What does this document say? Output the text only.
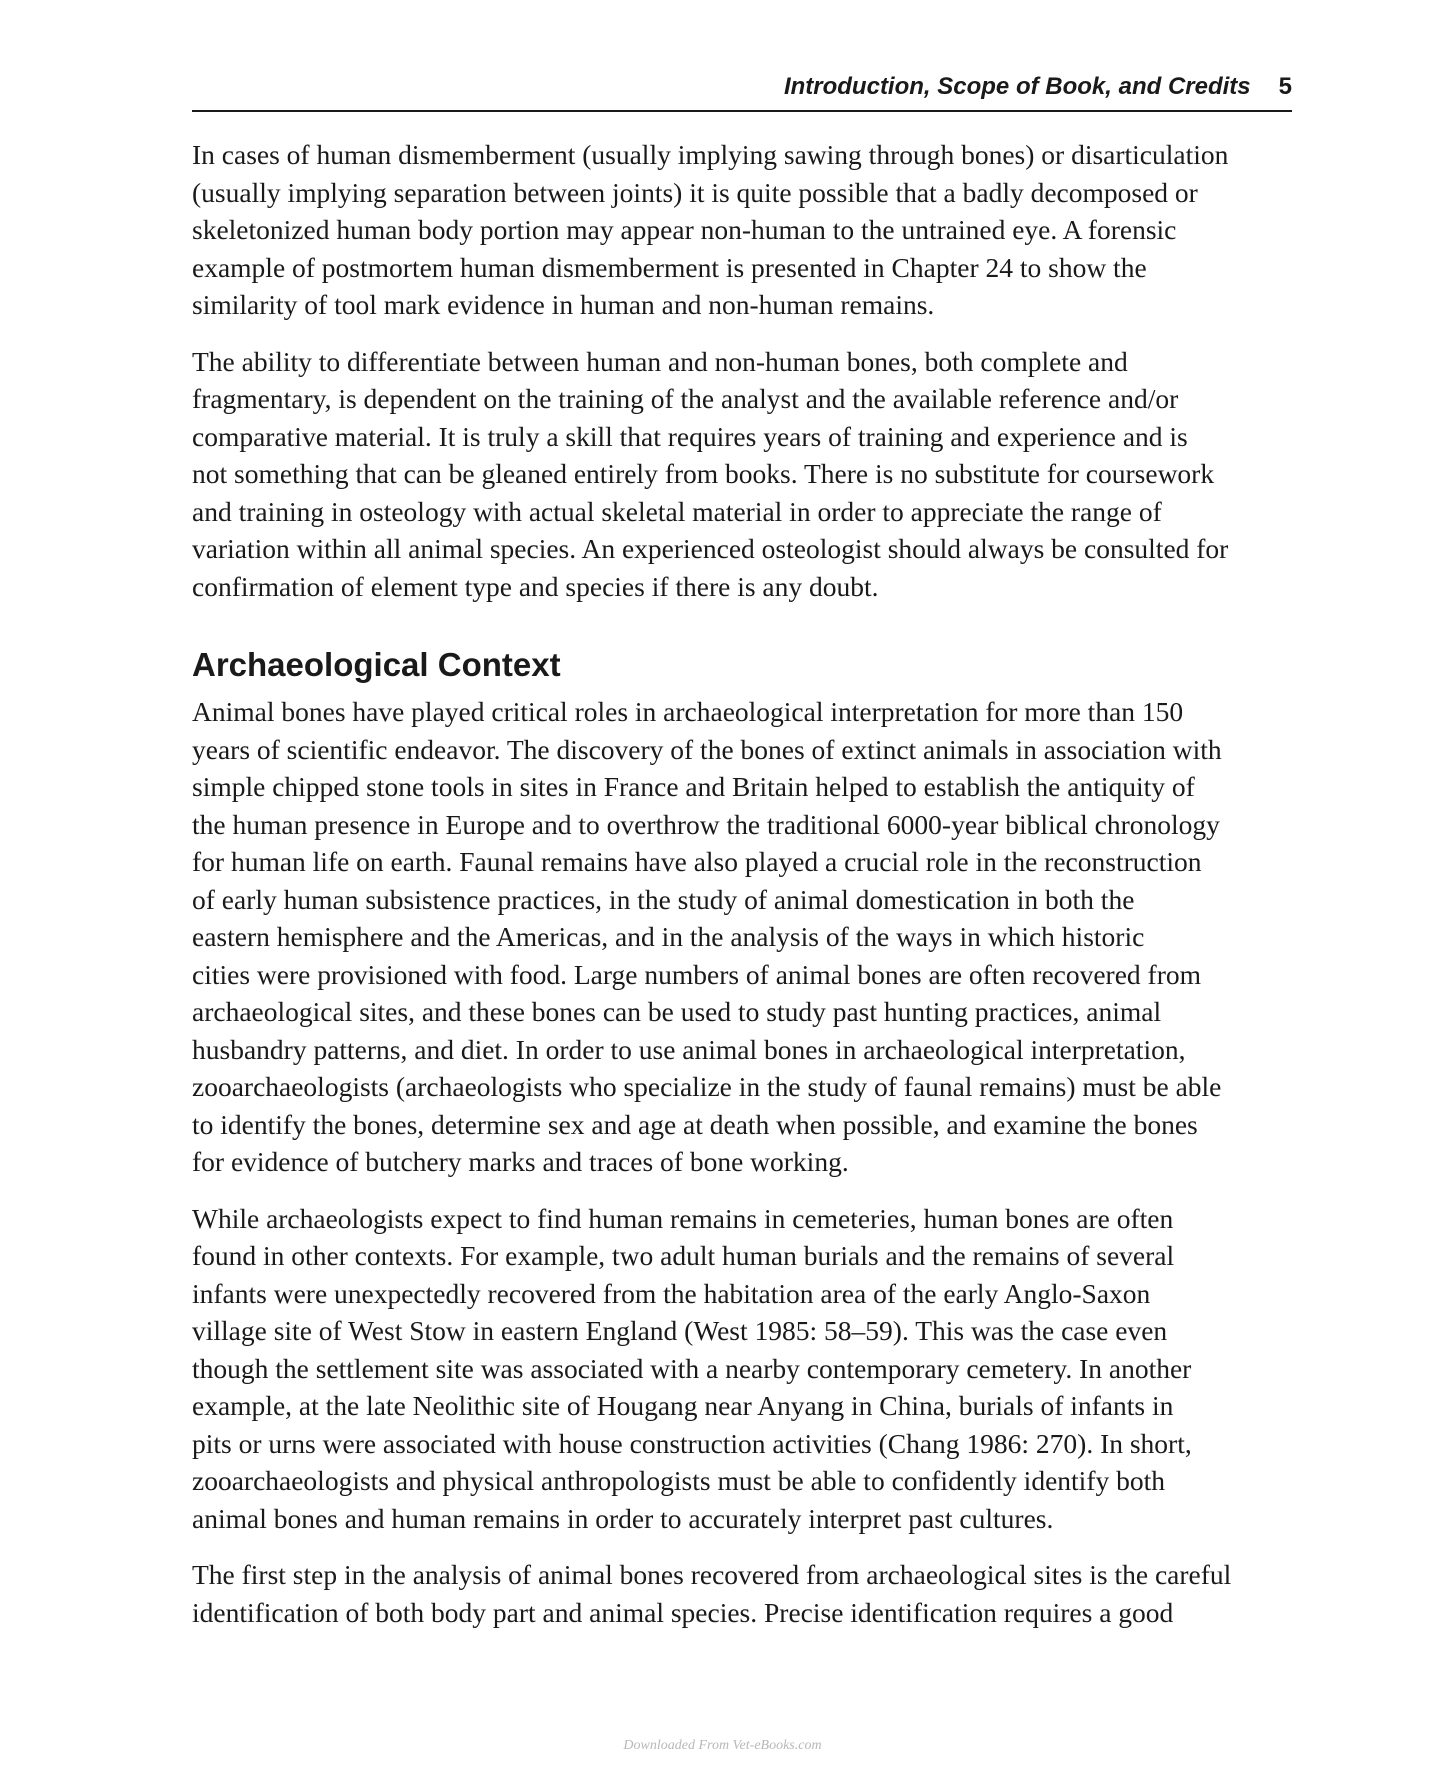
Introduction, Scope of Book, and Credits 5

In cases of human dismemberment (usually implying sawing through bones) or disarticulation
(usually implying separation between joints) it is quite possible that a badly decomposed or
skeletonized human body portion may appear non-human to the untrained eye. A forensic
example of postmortem human dismemberment is presented in Chapter 24 to show the
similarity of tool mark evidence in human and non-human remains.

The ability to differentiate between human and non-human bones, both complete and
fragmentary, is dependent on the training of the analyst and the available reference and/or
comparative material. It is truly a skill that requires years of training and experience and is
not something that can be gleaned entirely from books. There is no substitute for coursework
and training in osteology with actual skeletal material in order to appreciate the range of
variation within all animal species. An experienced osteologist should always be consulted for
confirmation of element type and species if there is any doubt.

Archaeological Context

Animal bones have played critical roles in archaeological interpretation for more than 150
years of scientific endeavor. The discovery of the bones of extinct animals in association with
simple chipped stone tools in sites in France and Britain helped to establish the antiquity of
the human presence in Europe and to overthrow the traditional 6000-year biblical chronology
for human life on earth. Faunal remains have also played a crucial role in the reconstruction
of early human subsistence practices, in the study of animal domestication in both the
eastern hemisphere and the Americas, and in the analysis of the ways in which historic
cities were provisioned with food. Large numbers of animal bones are often recovered from
archaeological sites, and these bones can be used to study past hunting practices, animal
husbandry patterns, and diet. In order to use animal bones in archaeological interpretation,
zooarchaeologists (archaeologists who specialize in the study of faunal remains) must be able
to identify the bones, determine sex and age at death when possible, and examine the bones
for evidence of butchery marks and traces of bone working.

While archaeologists expect to find human remains in cemeteries, human bones are often
found in other contexts. For example, two adult human burials and the remains of several
infants were unexpectedly recovered from the habitation area of the early Anglo-Saxon
village site of West Stow in eastern England (West 1985: 58–59). This was the case even
though the settlement site was associated with a nearby contemporary cemetery. In another
example, at the late Neolithic site of Hougang near Anyang in China, burials of infants in
pits or urns were associated with house construction activities (Chang 1986: 270). In short,
zooarchaeologists and physical anthropologists must be able to confidently identify both
animal bones and human remains in order to accurately interpret past cultures.

The first step in the analysis of animal bones recovered from archaeological sites is the careful
identification of both body part and animal species. Precise identification requires a good

Downloaded From Vet-eBooks.com
